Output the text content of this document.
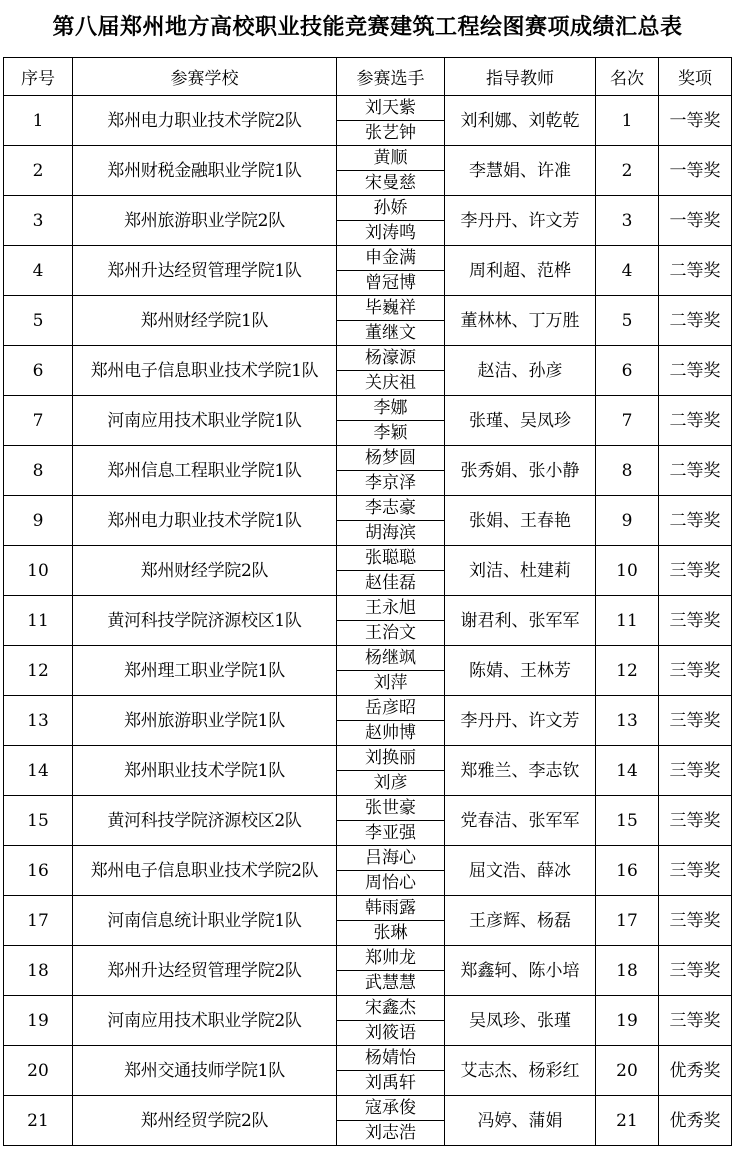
第八届郑州地方高校职业技能竞赛建筑工程绘图赛项成绩汇总表
序号	参赛学校	参赛选手	指导教师	名次	奖项
1	郑州电力职业技术学院2队	刘天紫	刘利娜、刘乾乾	1	一等奖
		张艺钟			
2	郑州财税金融职业学院1队	黄顺	李慧娟、许准	2	一等奖
		宋曼慈			
3	郑州旅游职业学院2队	孙娇	李丹丹、许文芳	3	一等奖
		刘涛鸣			
4	郑州升达经贸管理学院1队	申金满	周利超、范桦	4	二等奖
		曾冠博			
5	郑州财经学院1队	毕巍祥	董林林、丁万胜	5	二等奖
		董继文			
6	郑州电子信息职业技术学院1队	杨濠源	赵洁、孙彦	6	二等奖
		关庆祖			
7	河南应用技术职业学院1队	李娜	张瑾、吴凤珍	7	二等奖
		李颖			
8	郑州信息工程职业学院1队	杨梦圆	张秀娟、张小静	8	二等奖
		李京泽			
9	郑州电力职业技术学院1队	李志豪	张娟、王春艳	9	二等奖
		胡海滨			
10	郑州财经学院2队	张聪聪	刘洁、杜建莉	10	三等奖
		赵佳磊			
11	黄河科技学院济源校区1队	王永旭	谢君利、张军军	11	三等奖
		王治文			
12	郑州理工职业学院1队	杨继飒	陈婧、王林芳	12	三等奖
		刘萍			
13	郑州旅游职业学院1队	岳彦昭	李丹丹、许文芳	13	三等奖
		赵帅博			
14	郑州职业技术学院1队	刘换丽	郑雅兰、李志钦	14	三等奖
		刘彦			
15	黄河科技学院济源校区2队	张世豪	党春洁、张军军	15	三等奖
		李亚强			
16	郑州电子信息职业技术学院2队	吕海心	屈文浩、薛冰	16	三等奖
		周怡心			
17	河南信息统计职业学院1队	韩雨露	王彦辉、杨磊	17	三等奖
		张琳			
18	郑州升达经贸管理学院2队	郑帅龙	郑鑫轲、陈小培	18	三等奖
		武慧慧			
19	河南应用技术职业学院2队	宋鑫杰	吴凤珍、张瑾	19	三等奖
		刘筱语			
20	郑州交通技师学院1队	杨婧怡	艾志杰、杨彩红	20	优秀奖
		刘禹轩			
21	郑州经贸学院2队	寇承俊	冯婷、蒲娟	21	优秀奖
		刘志浩			
